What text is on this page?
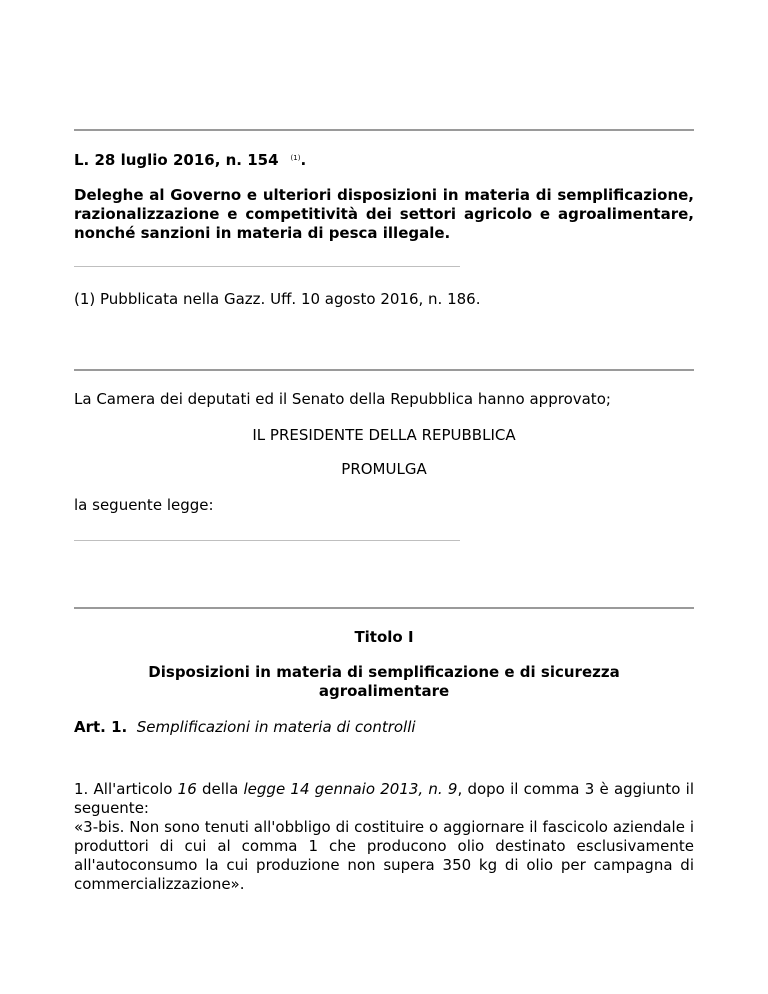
L. 28 luglio 2016, n. 154 $^{(1)}$.
Deleghe al Governo e ulteriori disposizioni in materia di semplificazione, razionalizzazione e competitività dei settori agricolo e agroalimentare, nonché sanzioni in materia di pesca illegale.
(1) Pubblicata nella Gazz. Uff. 10 agosto 2016, n. 186.
La Camera dei deputati ed il Senato della Repubblica hanno approvato;
IL PRESIDENTE DELLA REPUBBLICA
PROMULGA
la seguente legge:
Titolo I
Disposizioni in materia di semplificazione e di sicurezza agroalimentare
Art. 1. Semplificazioni in materia di controlli
1. All'articolo 16 della legge 14 gennaio 2013, n. 9, dopo il comma 3 è aggiunto il seguente:
«3-bis. Non sono tenuti all'obbligo di costituire o aggiornare il fascicolo aziendale i produttori di cui al comma 1 che producono olio destinato esclusivamente all'autoconsumo la cui produzione non supera 350 kg di olio per campagna di commercializzazione».
